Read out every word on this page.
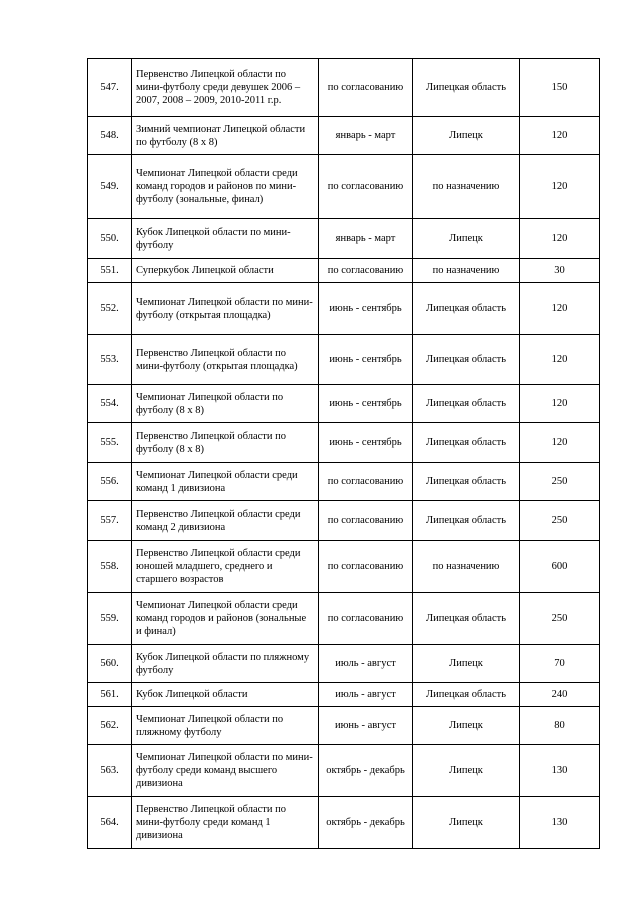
547.	Первенство Липецкой области по мини-футболу среди девушек 2006 – 2007, 2008 – 2009, 2010-2011 г.р.	по согласованию	Липецкая область	150
548.	Зимний чемпионат Липецкой области по футболу (8 х 8)	январь - март	Липецк	120
549.	Чемпионат Липецкой области среди команд городов и районов по мини-футболу (зональные, финал)	по согласованию	по назначению	120
550.	Кубок Липецкой области по мини-футболу	январь - март	Липецк	120
551.	Суперкубок Липецкой области	по согласованию	по назначению	30
552.	Чемпионат Липецкой области по мини-футболу (открытая площадка)	июнь - сентябрь	Липецкая область	120
553.	Первенство Липецкой области по мини-футболу (открытая площадка)	июнь - сентябрь	Липецкая область	120
554.	Чемпионат Липецкой области по футболу (8 х 8)	июнь - сентябрь	Липецкая область	120
555.	Первенство Липецкой области по футболу (8 х 8)	июнь - сентябрь	Липецкая область	120
556.	Чемпионат Липецкой области среди команд 1 дивизиона	по согласованию	Липецкая область	250
557.	Первенство Липецкой области среди команд 2 дивизиона	по согласованию	Липецкая область	250
558.	Первенство Липецкой области среди юношей младшего, среднего и старшего возрастов	по согласованию	по назначению	600
559.	Чемпионат Липецкой области среди команд городов и районов (зональные и финал)	по согласованию	Липецкая область	250
560.	Кубок Липецкой области по пляжному футболу	июль - август	Липецк	70
561.	Кубок Липецкой области	июль - август	Липецкая область	240
562.	Чемпионат Липецкой области по пляжному футболу	июнь - август	Липецк	80
563.	Чемпионат Липецкой области по мини-футболу среди команд высшего дивизиона	октябрь - декабрь	Липецк	130
564.	Первенство Липецкой области по мини-футболу среди команд 1 дивизиона	октябрь - декабрь	Липецк	130
